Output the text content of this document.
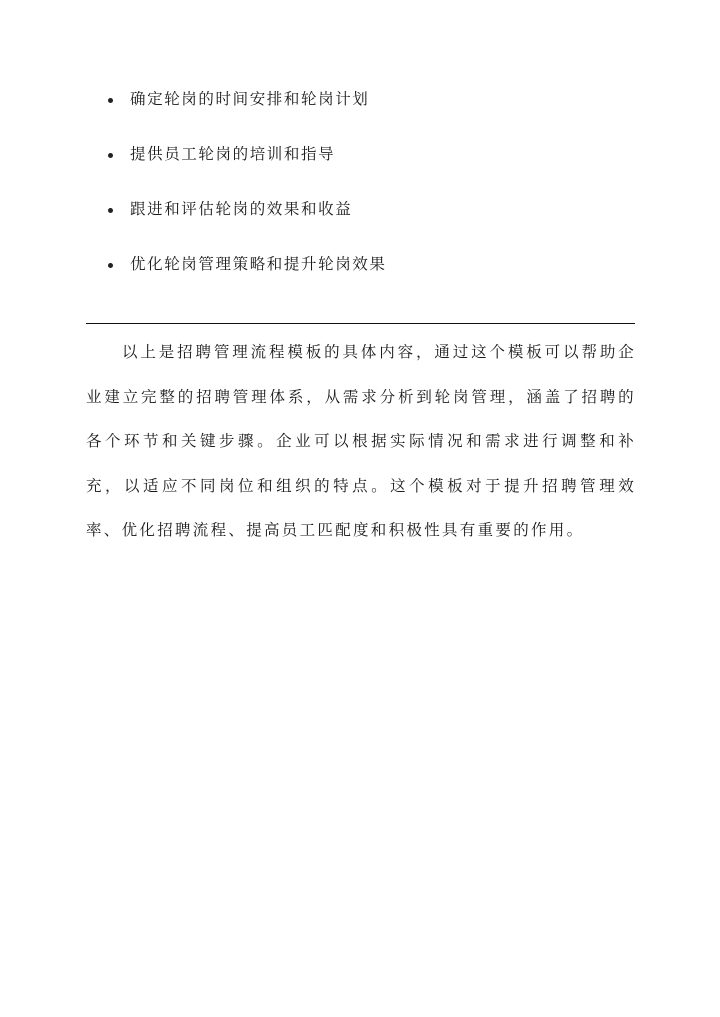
确定轮岗的时间安排和轮岗计划
提供员工轮岗的培训和指导
跟进和评估轮岗的效果和收益
优化轮岗管理策略和提升轮岗效果

以上是招聘管理流程模板的具体内容，通过这个模板可以帮助企业建立完整的招聘管理体系，从需求分析到轮岗管理，涵盖了招聘的各个环节和关键步骤。企业可以根据实际情况和需求进行调整和补充，以适应不同岗位和组织的特点。这个模板对于提升招聘管理效率、优化招聘流程、提高员工匹配度和积极性具有重要的作用。
